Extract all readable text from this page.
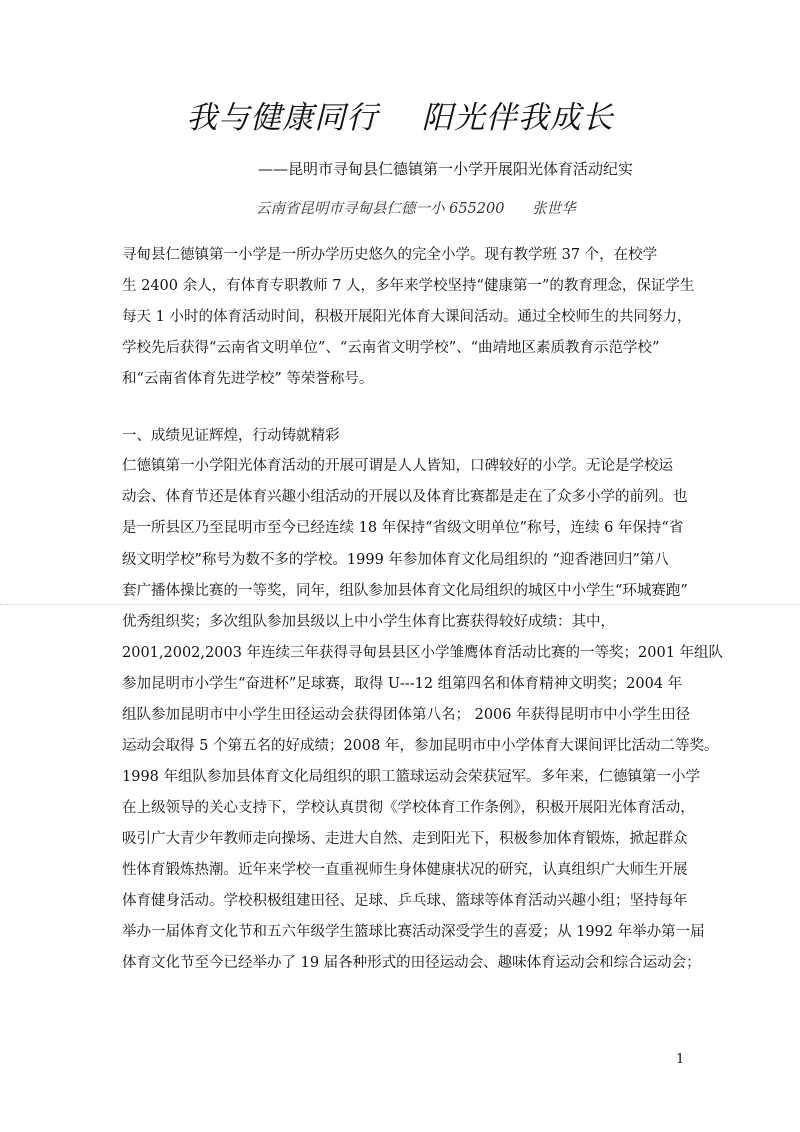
我与健康同行    阳光伴我成长
——昆明市寻甸县仁德镇第一小学开展阳光体育活动纪实
云南省昆明市寻甸县仁德一小 655200      张世华
寻甸县仁德镇第一小学是一所办学历史悠久的完全小学。现有教学班 37 个，在校学
生 2400 余人，有体育专职教师 7 人，多年来学校坚持“健康第一”的教育理念，保证学生
每天 1 小时的体育活动时间，积极开展阳光体育大课间活动。通过全校师生的共同努力，
学校先后获得“云南省文明单位”、“云南省文明学校”、“曲靖地区素质教育示范学校”
和“云南省体育先进学校” 等荣誉称号。
一、成绩见证辉煌，行动铸就精彩
仁德镇第一小学阳光体育活动的开展可谓是人人皆知，口碑较好的小学。无论是学校运
动会、体育节还是体育兴趣小组活动的开展以及体育比赛都是走在了众多小学的前列。也
是一所县区乃至昆明市至今已经连续 18 年保持“省级文明单位”称号，连续 6 年保持“省
级文明学校”称号为数不多的学校。1999 年参加体育文化局组织的 “迎香港回归”第八
套广播体操比赛的一等奖，同年，组队参加县体育文化局组织的城区中小学生“环城赛跑”
优秀组织奖；多次组队参加县级以上中小学生体育比赛获得较好成绩：其中，
2001,2002,2003 年连续三年获得寻甸县县区小学雏鹰体育活动比赛的一等奖；2001 年组队
参加昆明市小学生“奋进杯”足球赛，取得 U---12 组第四名和体育精神文明奖；2004 年
组队参加昆明市中小学生田径运动会获得团体第八名； 2006 年获得昆明市中小学生田径
运动会取得 5 个第五名的好成绩；2008 年，参加昆明市中小学体育大课间评比活动二等奖。
1998 年组队参加县体育文化局组织的职工篮球运动会荣获冠军。多年来，仁德镇第一小学
在上级领导的关心支持下，学校认真贯彻《学校体育工作条例》，积极开展阳光体育活动，
吸引广大青少年教师走向操场、走进大自然、走到阳光下，积极参加体育锻炼，掀起群众
性体育锻炼热潮。近年来学校一直重视师生身体健康状况的研究，认真组织广大师生开展
体育健身活动。学校积极组建田径、足球、乒乓球、篮球等体育活动兴趣小组；坚持每年
举办一届体育文化节和五六年级学生篮球比赛活动深受学生的喜爱；从 1992 年举办第一届
体育文化节至今已经举办了 19 届各种形式的田径运动会、趣味体育运动会和综合运动会；
1
